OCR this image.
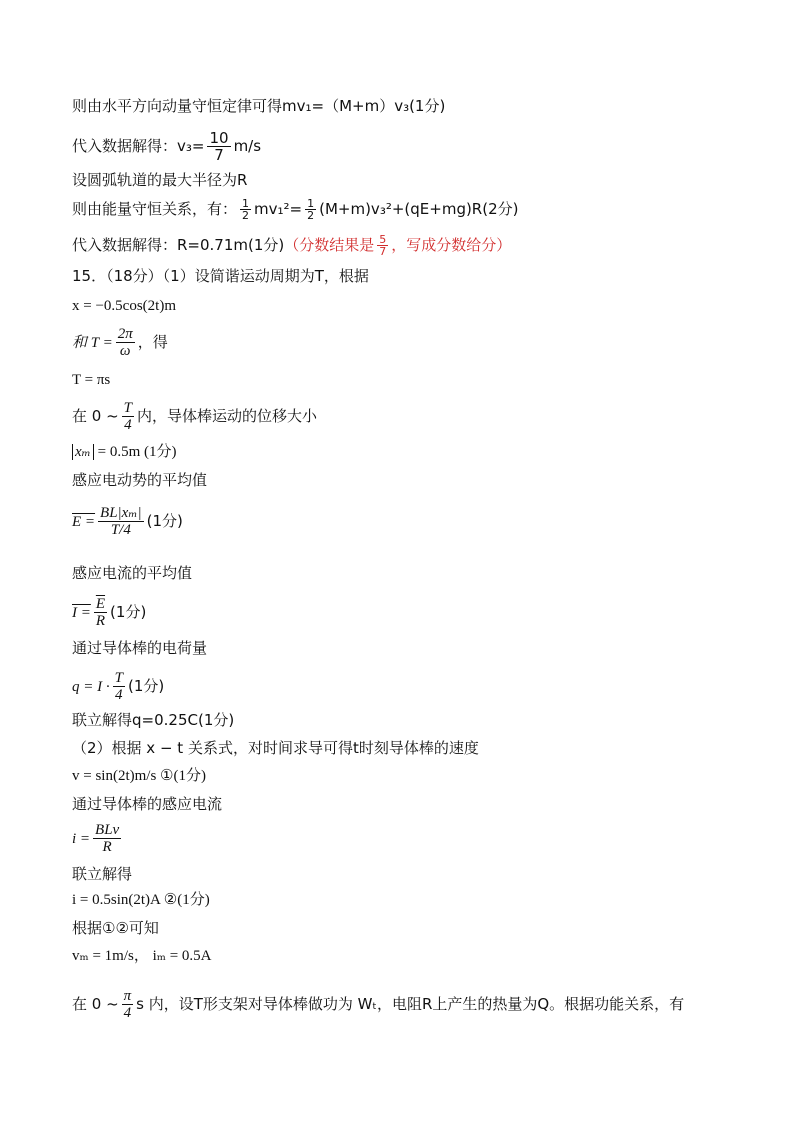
则由水平方向动量守恒定律可得mv₁=（M+m）v₃(1分)
代入数据解得：$v_3= \frac{10}{7} m/s$
设圆弧轨道的最大半径为R
则由能量守恒关系，有： $\frac{1}{2} mv_1^2= \frac{1}{2} (M+m)v_3^2+(qE+mg)R(2$分)
代入数据解得：R=0.71m(1分)（分数结果是 $\frac{5}{7}$ ，写成分数给分）
15．（18分）（1）设简谐运动周期为T，根据
x = −0.5cos(2t)m
和 $T = \frac{2\pi}{\omega}$ ，得
T = πs
在 0 ~ $\frac{T}{4}$ 内，导体棒运动的位移大小
xₘ = 0.5m (1分)
感应电动势的平均值
$E = \frac{\text{BL|xₘ|}}{T/4} (1$分)
感应电流的平均值
$I = \frac{\overline{E}}{R} (1$分)
通过导体棒的电荷量
$q = I \cdot \frac{T}{4} (1$分)
联立解得q=0.25C(1分)
（2）根据 x − t 关系式，对时间求导可得t时刻导体棒的速度
v = sin(2t)m/s ①(1分)
通过导体棒的感应电流
$i = \frac{\text{BLv}}{R}$
联立解得
i = 0.5sin(2t)A ②(1分)
根据①②可知
vₘ = 1m/s， iₘ = 0.5A
在 0 ~ $\frac{\pi}{4}$ s 内，设T形支架对导体棒做功为 Wₜ，电阻R上产生的热量为Q。根据功能关系，有
